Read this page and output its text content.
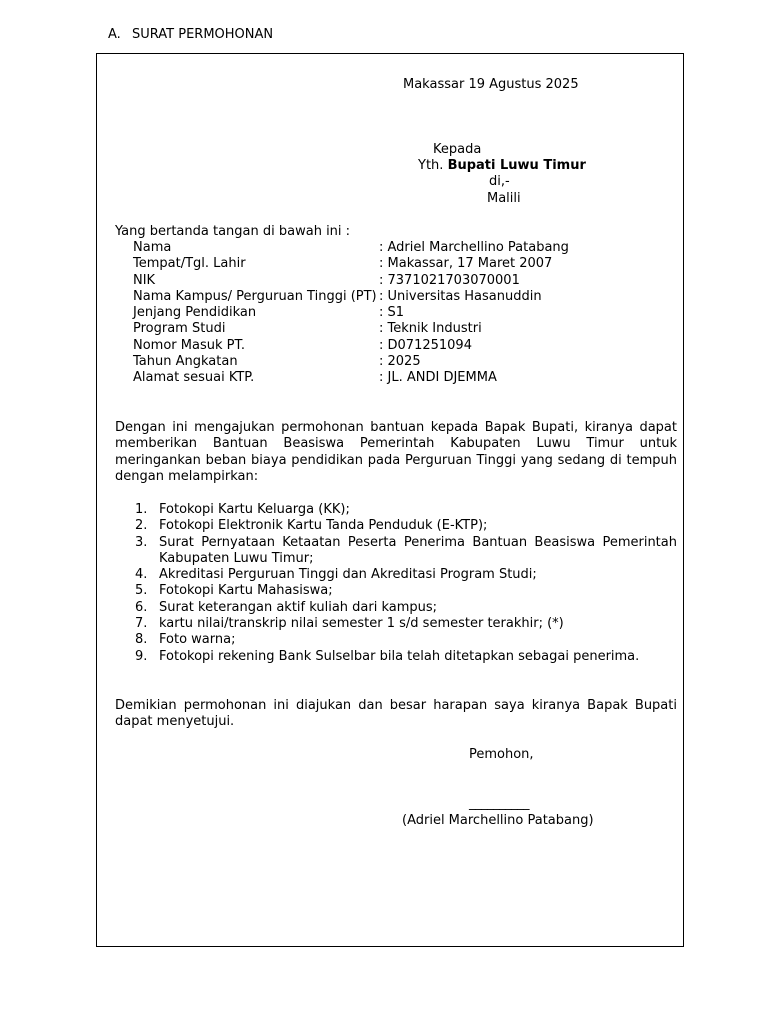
A. SURAT PERMOHONAN
Makassar 19 Agustus 2025
Kepada
Yth. Bupati Luwu Timur
di,-
Malili
Yang bertanda tangan di bawah ini :
Nama	: Adriel Marchellino Patabang
Tempat/Tgl. Lahir	: Makassar, 17 Maret 2007
NIK	: 7371021703070001
Nama Kampus/ Perguruan Tinggi (PT) : Universitas Hasanuddin
Jenjang Pendidikan	: S1
Program Studi	: Teknik Industri
Nomor Masuk PT.	: D071251094
Tahun Angkatan	: 2025
Alamat sesuai KTP.	: JL. ANDI DJEMMA
Dengan ini mengajukan permohonan bantuan kepada Bapak Bupati, kiranya dapat memberikan Bantuan Beasiswa Pemerintah Kabupaten Luwu Timur untuk meringankan beban biaya pendidikan pada Perguruan Tinggi yang sedang di tempuh dengan melampirkan:
1. Fotokopi Kartu Keluarga (KK);
2. Fotokopi Elektronik Kartu Tanda Penduduk (E-KTP);
3. Surat Pernyataan Ketaatan Peserta Penerima Bantuan Beasiswa Pemerintah Kabupaten Luwu Timur;
4. Akreditasi Perguruan Tinggi dan Akreditasi Program Studi;
5. Fotokopi Kartu Mahasiswa;
6. Surat keterangan aktif kuliah dari kampus;
7. kartu nilai/transkrip nilai semester 1 s/d semester terakhir; (*)
8. Foto warna;
9. Fotokopi rekening Bank Sulselbar bila telah ditetapkan sebagai penerima.
Demikian permohonan ini diajukan dan besar harapan saya kiranya Bapak Bupati dapat menyetujui.
Pemohon,
__________
(Adriel Marchellino Patabang)
